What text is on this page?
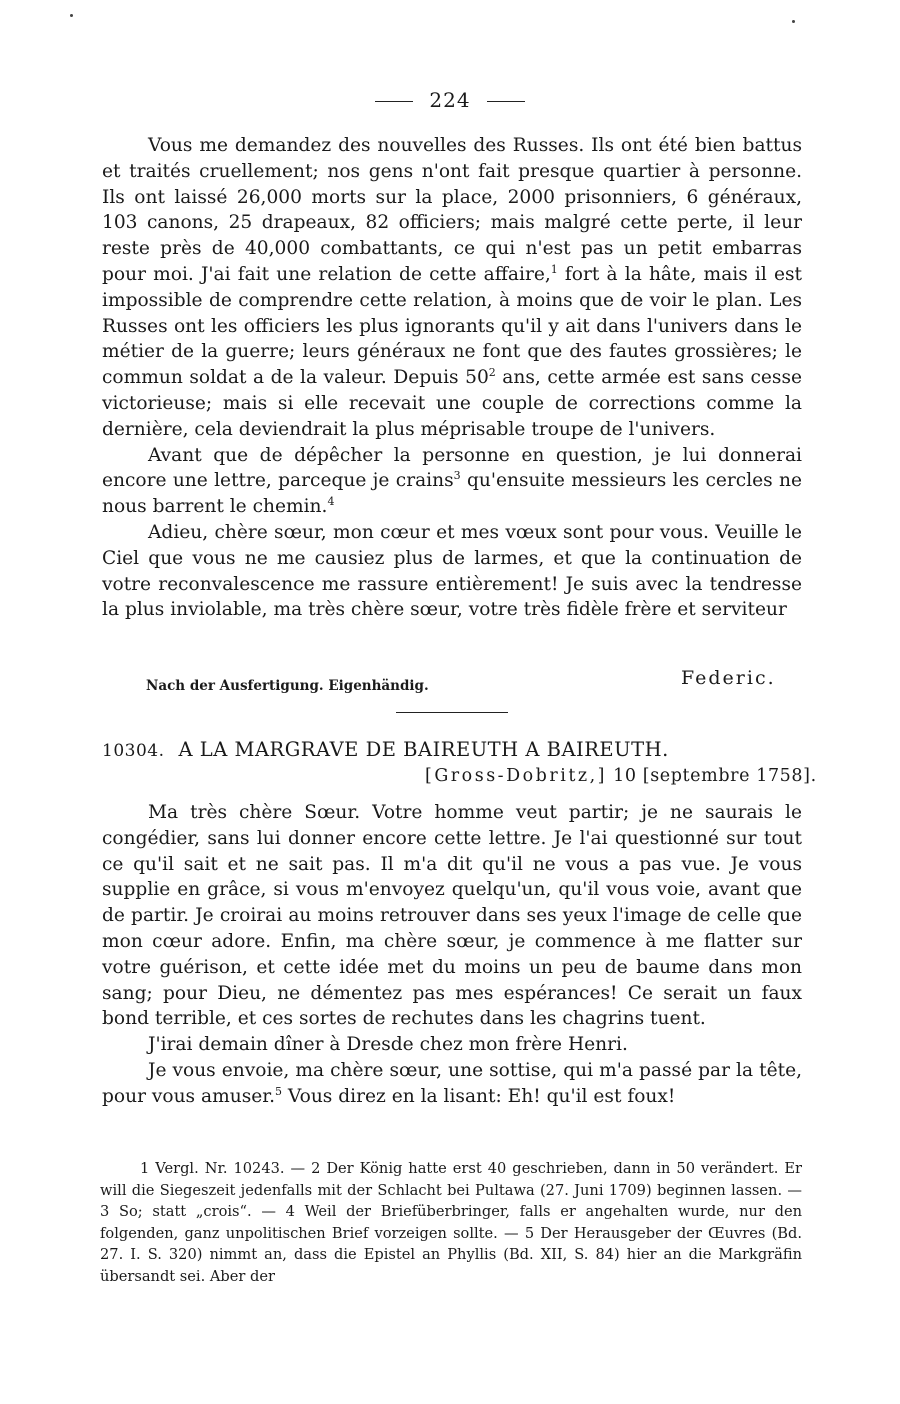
224

Vous me demandez des nouvelles des Russes. Ils ont été bien battus et traités cruellement; nos gens n'ont fait presque quartier à personne. Ils ont laissé 26,000 morts sur la place, 2000 prisonniers, 6 généraux, 103 canons, 25 drapeaux, 82 officiers; mais malgré cette perte, il leur reste près de 40,000 combattants, ce qui n'est pas un petit embarras pour moi. J'ai fait une relation de cette affaire,$^1$ fort à la hâte, mais il est impossible de comprendre cette relation, à moins que de voir le plan. Les Russes ont les officiers les plus ignorants qu'il y ait dans l'univers dans le métier de la guerre; leurs généraux ne font que des fautes grossières; le commun soldat a de la valeur. Depuis $50^2$ ans, cette armée est sans cesse victorieuse; mais si elle recevait une couple de corrections comme la dernière, cela deviendrait la plus méprisable troupe de l'univers.

Avant que de dépêcher la personne en question, je lui donnerai encore une lettre, parceque je crains$^3$ qu'ensuite messieurs les cercles ne nous barrent le chemin.$^4$

Adieu, chère sœur, mon cœur et mes vœux sont pour vous. Veuille le Ciel que vous ne me causiez plus de larmes, et que la continuation de votre reconvalescence me rassure entièrement! Je suis avec la tendresse la plus inviolable, ma très chère sœur, votre très fidèle frère et serviteur

Nach der Ausfertigung. Eigenhändig.	Federic.
10304. A LA MARGRAVE DE BAIREUTH A BAIREUTH.
[Gross-Dobritz,] 10 [septembre 1758].

Ma très chère Sœur. Votre homme veut partir; je ne saurais le congédier, sans lui donner encore cette lettre. Je l'ai questionné sur tout ce qu'il sait et ne sait pas. Il m'a dit qu'il ne vous a pas vue. Je vous supplie en grâce, si vous m'envoyez quelqu'un, qu'il vous voie, avant que de partir. Je croirai au moins retrouver dans ses yeux l'image de celle que mon cœur adore. Enfin, ma chère sœur, je commence à me flatter sur votre guérison, et cette idée met du moins un peu de baume dans mon sang; pour Dieu, ne démentez pas mes espérances! Ce serait un faux bond terrible, et ces sortes de rechutes dans les chagrins tuent.

J'irai demain dîner à Dresde chez mon frère Henri.

Je vous envoie, ma chère sœur, une sottise, qui m'a passé par la tête, pour vous amuser.$^5$ Vous direz en la lisant: Eh! qu'il est foux!

1 Vergl. Nr. 10243. — 2 Der König hatte erst 40 geschrieben, dann in 50 verändert. Er will die Siegeszeit jedenfalls mit der Schlacht bei Pultawa (27. Juni 1709) beginnen lassen. — 3 So; statt „crois“. — 4 Weil der Briefüberbringer, falls er angehalten wurde, nur den folgenden, ganz unpolitischen Brief vorzeigen sollte. — 5 Der Herausgeber der Œuvres (Bd. 27. I. S. 320) nimmt an, dass die Epistel an Phyllis (Bd. XII, S. 84) hier an die Markgräfin übersandt sei. Aber der
